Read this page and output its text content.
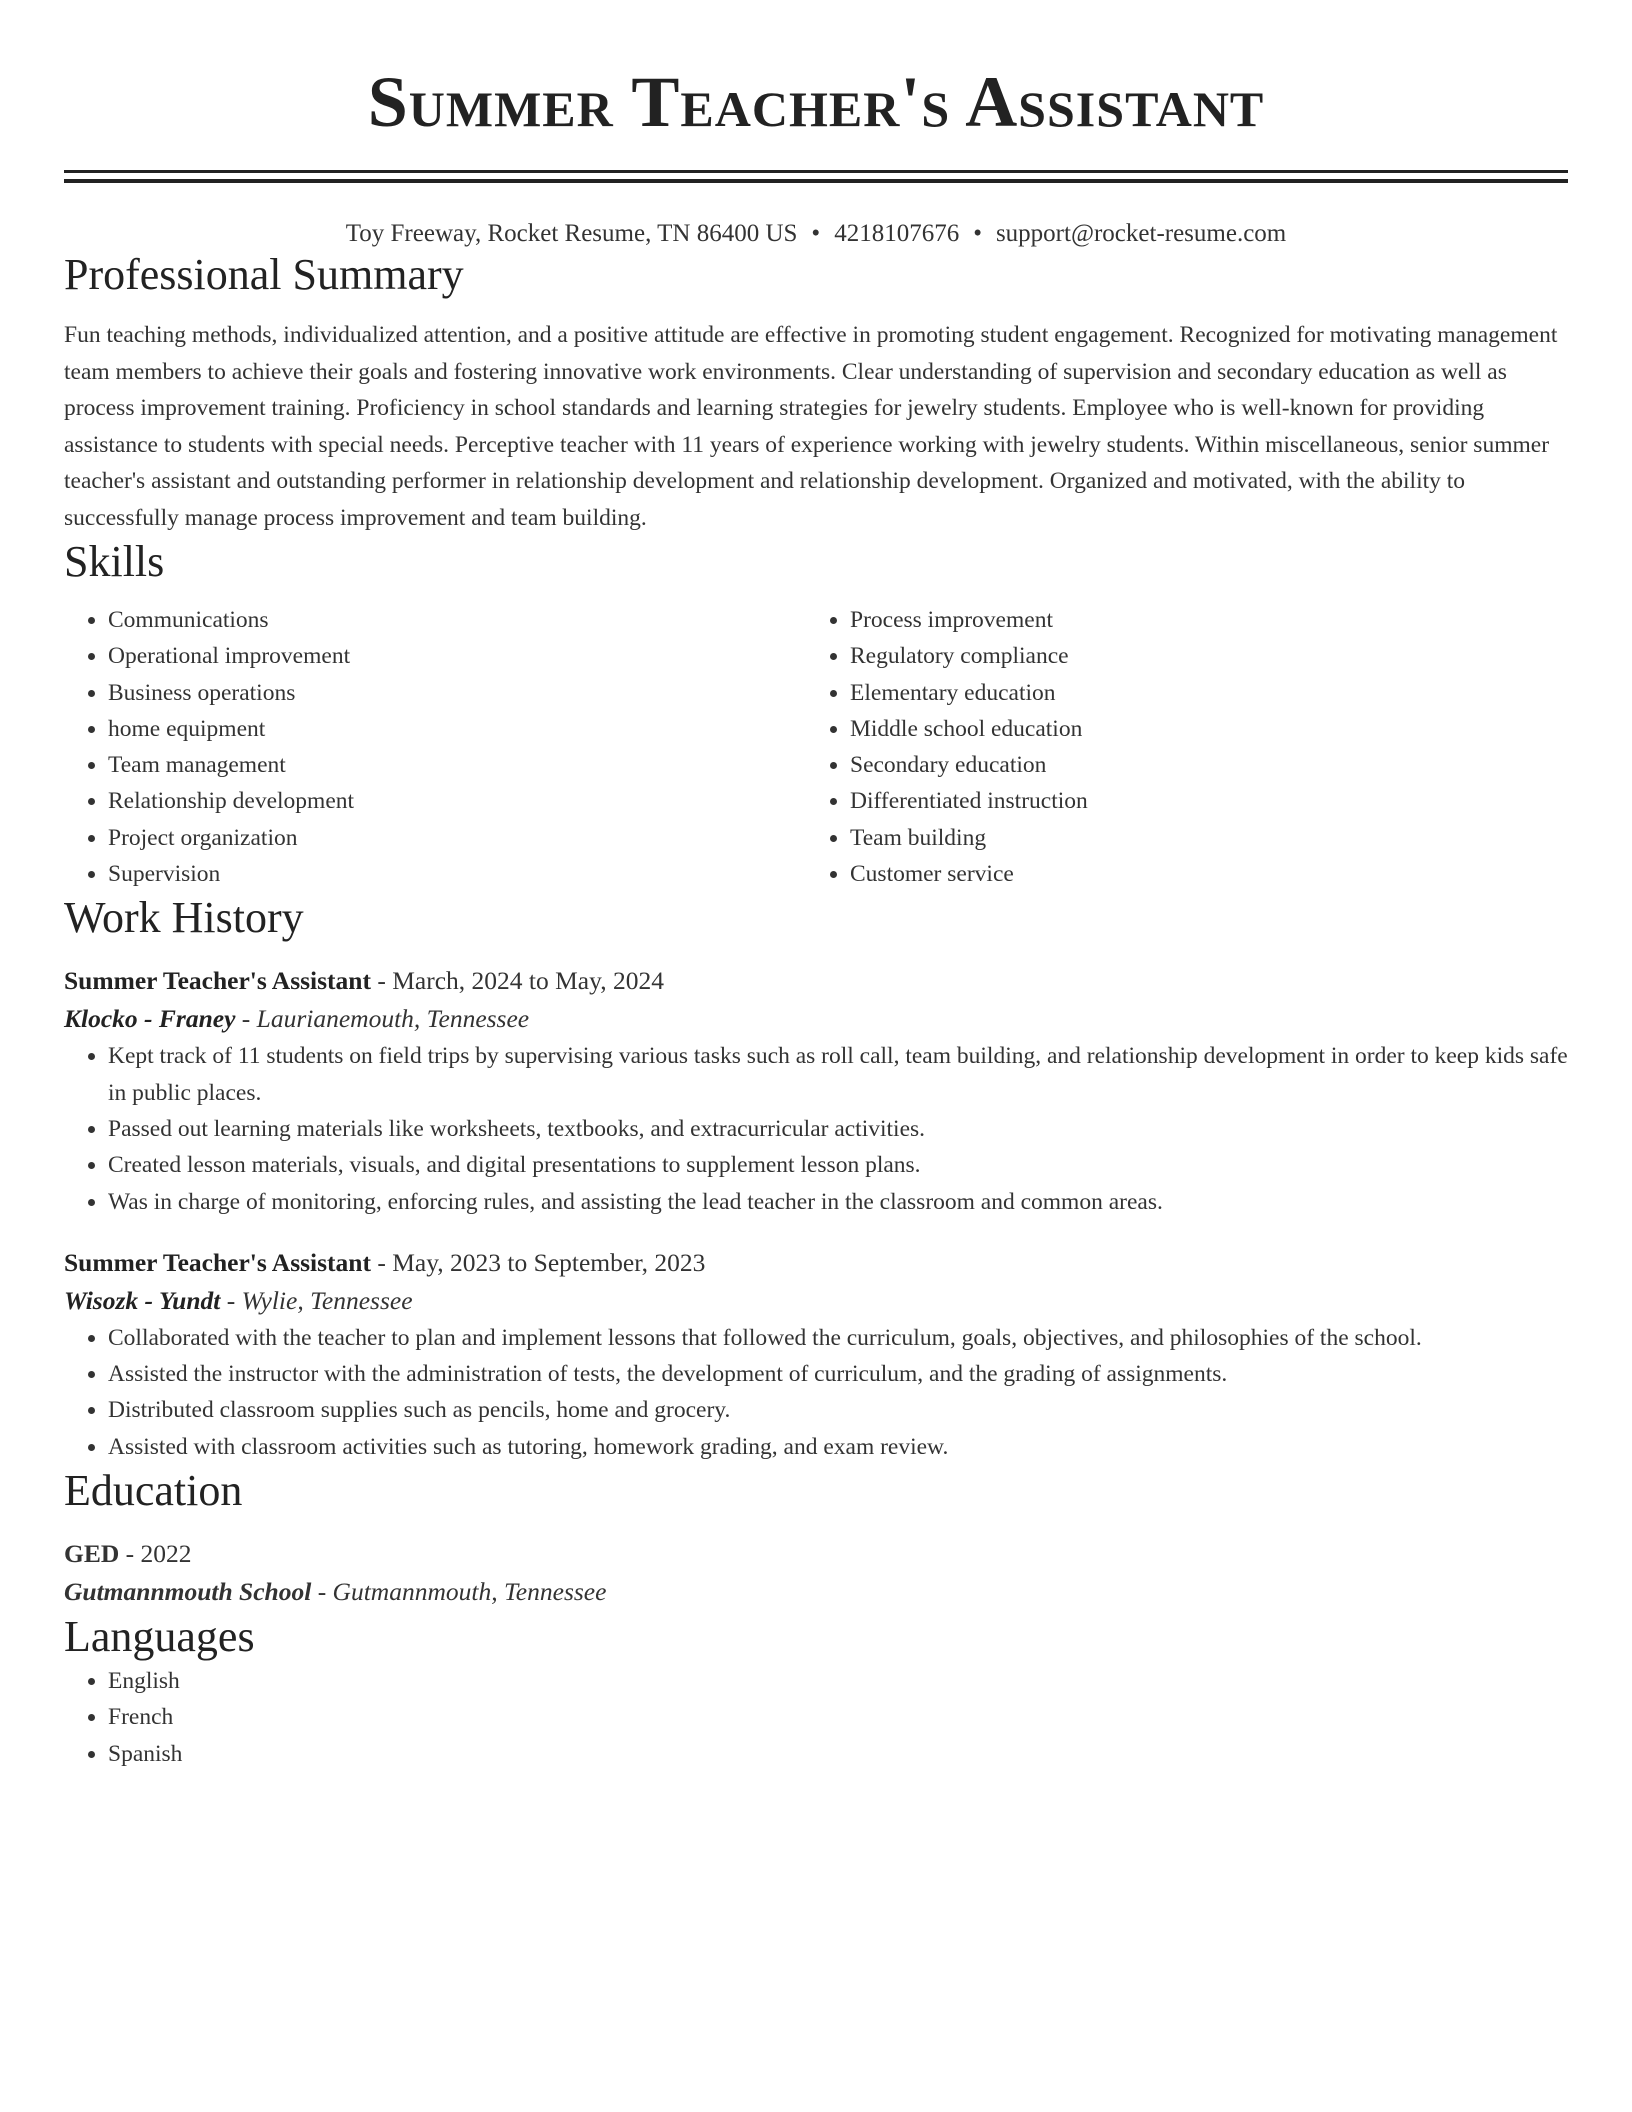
Summer Teacher's Assistant
Toy Freeway, Rocket Resume, TN 86400 US • 4218107676 • support@rocket-resume.com
Professional Summary
Fun teaching methods, individualized attention, and a positive attitude are effective in promoting student engagement. Recognized for motivating management team members to achieve their goals and fostering innovative work environments. Clear understanding of supervision and secondary education as well as process improvement training. Proficiency in school standards and learning strategies for jewelry students. Employee who is well-known for providing assistance to students with special needs. Perceptive teacher with 11 years of experience working with jewelry students. Within miscellaneous, senior summer teacher's assistant and outstanding performer in relationship development and relationship development. Organized and motivated, with the ability to successfully manage process improvement and team building.
Skills
• Communications
• Operational improvement
• Business operations
• home equipment
• Team management
• Relationship development
• Project organization
• Supervision
• Process improvement
• Regulatory compliance
• Elementary education
• Middle school education
• Secondary education
• Differentiated instruction
• Team building
• Customer service
Work History
Summer Teacher's Assistant - March, 2024 to May, 2024
Klocko - Franey - Laurianemouth, Tennessee
• Kept track of 11 students on field trips by supervising various tasks such as roll call, team building, and relationship development in order to keep kids safe in public places.
• Passed out learning materials like worksheets, textbooks, and extracurricular activities.
• Created lesson materials, visuals, and digital presentations to supplement lesson plans.
• Was in charge of monitoring, enforcing rules, and assisting the lead teacher in the classroom and common areas.
Summer Teacher's Assistant - May, 2023 to September, 2023
Wisozk - Yundt - Wylie, Tennessee
• Collaborated with the teacher to plan and implement lessons that followed the curriculum, goals, objectives, and philosophies of the school.
• Assisted the instructor with the administration of tests, the development of curriculum, and the grading of assignments.
• Distributed classroom supplies such as pencils, home and grocery.
• Assisted with classroom activities such as tutoring, homework grading, and exam review.
Education
GED - 2022
Gutmannmouth School - Gutmannmouth, Tennessee
Languages
• English
• French
• Spanish
